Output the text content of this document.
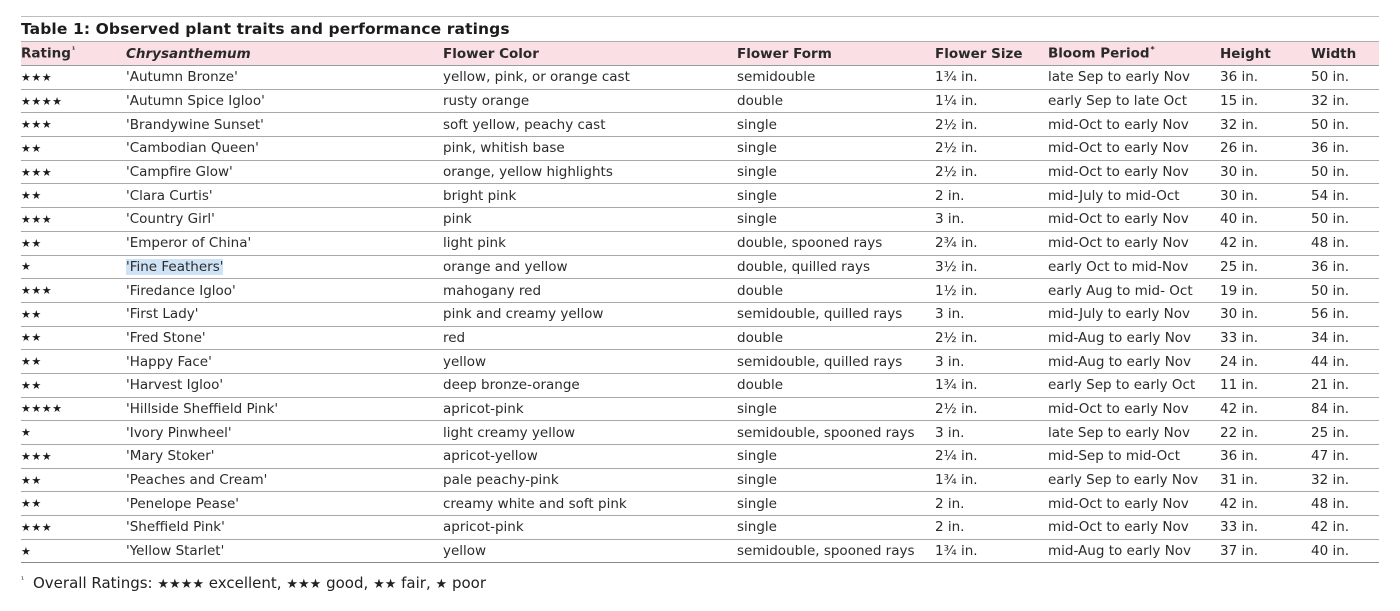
Table 1: Observed plant traits and performance ratings
Rating$^{^1}$	Chrysanthemum	Flower Color	Flower Form	Flower Size	Bloom Period*	Height	Width
★★★	'Autumn Bronze'	yellow, pink, or orange cast	semidouble	1¾ in.	late Sep to early Nov	36 in.	50 in.
★★★★	'Autumn Spice Igloo'	rusty orange	double	1¼ in.	early Sep to late Oct	15 in.	32 in.
★★★	'Brandywine Sunset'	soft yellow, peachy cast	single	2½ in.	mid-Oct to early Nov	32 in.	50 in.
★★	'Cambodian Queen'	pink, whitish base	single	2½ in.	mid-Oct to early Nov	26 in.	36 in.
★★★	'Campfire Glow'	orange, yellow highlights	single	2½ in.	mid-Oct to early Nov	30 in.	50 in.
★★	'Clara Curtis'	bright pink	single	2 in.	mid-July to mid-Oct	30 in.	54 in.
★★★	'Country Girl'	pink	single	3 in.	mid-Oct to early Nov	40 in.	50 in.
★★	'Emperor of China'	light pink	double, spooned rays	2¾ in.	mid-Oct to early Nov	42 in.	48 in.
★	'Fine Feathers'	orange and yellow	double, quilled rays	3½ in.	early Oct to mid-Nov	25 in.	36 in.
★★★	'Firedance Igloo'	mahogany red	double	1½ in.	early Aug to mid- Oct	19 in.	50 in.
★★	'First Lady'	pink and creamy yellow	semidouble, quilled rays	3 in.	mid-July to early Nov	30 in.	56 in.
★★	'Fred Stone'	red	double	2½ in.	mid-Aug to early Nov	33 in.	34 in.
★★	'Happy Face'	yellow	semidouble, quilled rays	3 in.	mid-Aug to early Nov	24 in.	44 in.
★★	'Harvest Igloo'	deep bronze-orange	double	1¾ in.	early Sep to early Oct	11 in.	21 in.
★★★★	'Hillside Sheffield Pink'	apricot-pink	single	2½ in.	mid-Oct to early Nov	42 in.	84 in.
★	'Ivory Pinwheel'	light creamy yellow	semidouble, spooned rays	3 in.	late Sep to early Nov	22 in.	25 in.
★★★	'Mary Stoker'	apricot-yellow	single	2¼ in.	mid-Sep to mid-Oct	36 in.	47 in.
★★	'Peaches and Cream'	pale peachy-pink	single	1¾ in.	early Sep to early Nov	31 in.	32 in.
★★	'Penelope Pease'	creamy white and soft pink	single	2 in.	mid-Oct to early Nov	42 in.	48 in.
★★★	'Sheffield Pink'	apricot-pink	single	2 in.	mid-Oct to early Nov	33 in.	42 in.
★	'Yellow Starlet'	yellow	semidouble, spooned rays	1¾ in.	mid-Aug to early Nov	37 in.	40 in.
$^{^1}$ Overall Ratings: ★★★★ excellent, ★★★ good, ★★ fair, ★ poor
